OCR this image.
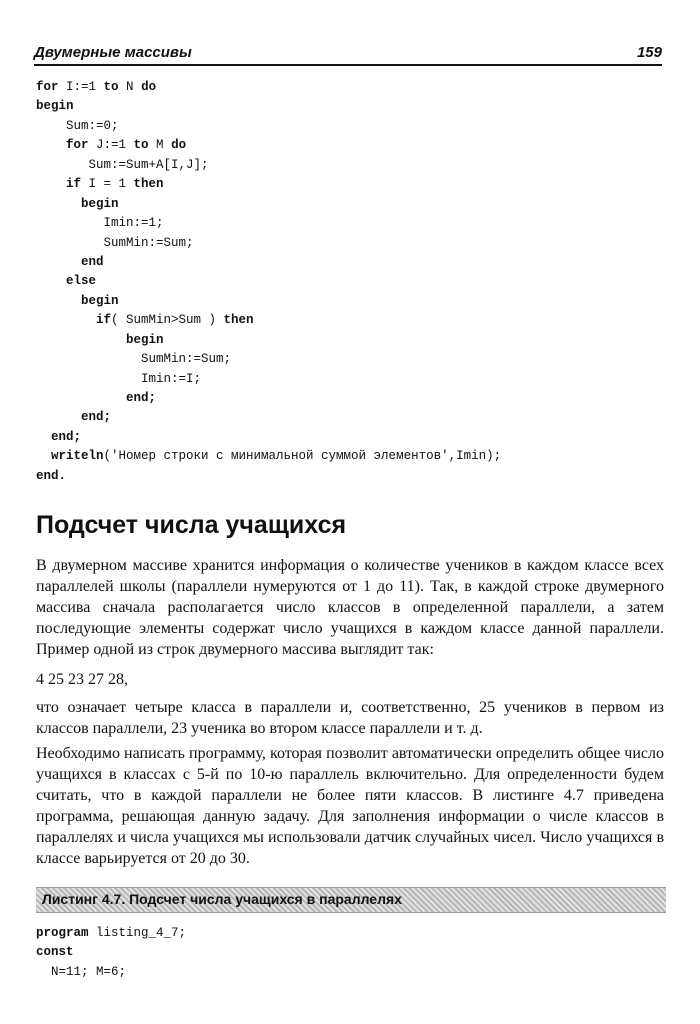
Двумерные массивы	159
for I:=1 to N do
begin
Sum:=0;
for J:=1 to M do
Sum:=Sum+A[I,J];
if I = 1 then
begin
Imin:=1;
SumMin:=Sum;
end
else
begin
if( SumMin>Sum ) then
begin
SumMin:=Sum;
Imin:=I;
end;
end;
end;
writeln('Номер строки с минимальной суммой элементов',Imin);
end.
Подсчет числа учащихся

В двумерном массиве хранится информация о количестве учеников в каждом классе всех параллелей школы (параллели нумеруются от 1 до 11). Так, в каждой строке двумерного массива сначала располагается число классов в определенной параллели, а затем последующие элементы содержат число учащихся в каждом классе данной параллели. Пример одной из строк двумерного массива выглядит так:

4 25 23 27 28,

что означает четыре класса в параллели и, соответственно, 25 учеников в первом из классов параллели, 23 ученика во втором классе параллели и т. д.

Необходимо написать программу, которая позволит автоматически определить общее число учащихся в классах с 5-й по 10-ю параллель включительно. Для определенности будем считать, что в каждой параллели не более пяти классов. В листинге 4.7 приведена программа, решающая данную задачу. Для заполнения информации о числе классов в параллелях и числа учащихся мы использовали датчик случайных чисел. Число учащихся в классе варьируется от 20 до 30.

Листинг 4.7. Подсчет числа учащихся в параллелях
program listing_4_7;
const
N=11; M=6;
